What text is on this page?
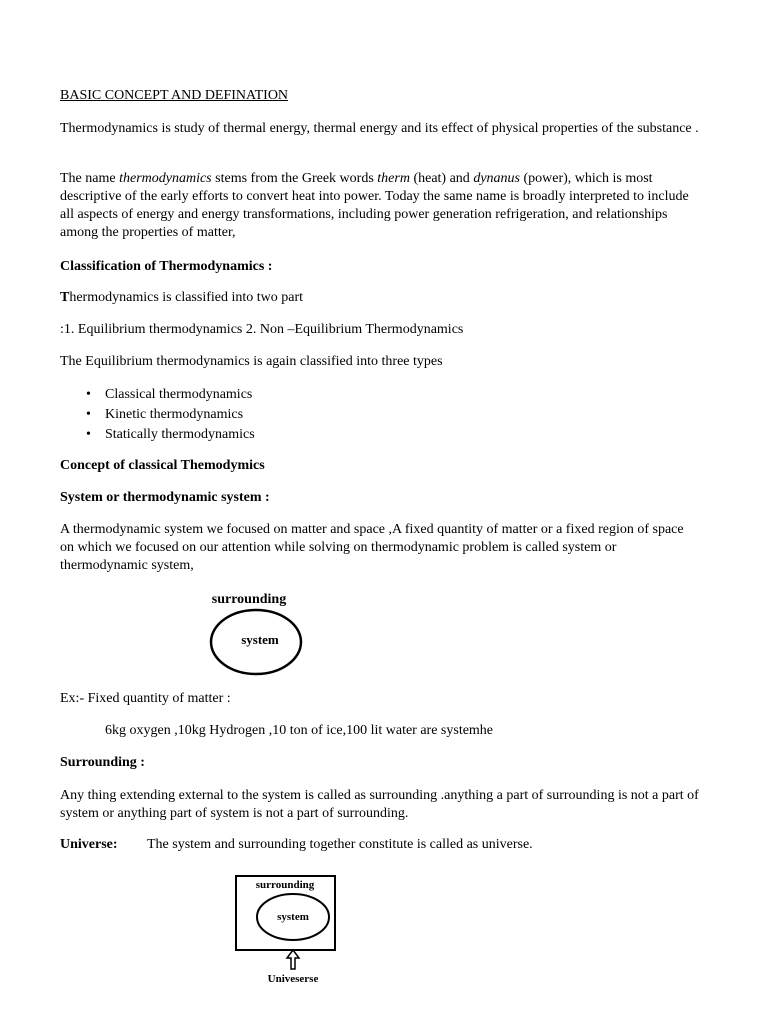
BASIC CONCEPT AND DEFINATION

Thermodynamics is study of thermal energy, thermal energy and its effect of physical properties of the substance .

The name thermodynamics stems from the Greek words therm (heat) and dynanus (power), which is most descriptive of the early efforts to convert heat into power. Today the same name is broadly interpreted to include all aspects of energy and energy transformations, including power generation refrigeration, and relationships among the properties of matter,

Classification of Thermodynamics :

Thermodynamics is classified into two part

:1. Equilibrium thermodynamics 2. Non –Equilibrium Thermodynamics

The Equilibrium thermodynamics is again classified into three types

• Classical thermodynamics
• Kinetic thermodynamics
• Statically thermodynamics

Concept of classical Themodymics

System or thermodynamic system :

A thermodynamic system we focused on matter and space ,A fixed quantity of matter or a fixed region of space on which we focused on our attention while solving on thermodynamic problem is called system or thermodynamic system,

surrounding
system

Ex:- Fixed quantity of matter :

6kg oxygen ,10kg Hydrogen ,10 ton of ice,100 lit water are systemhe

Surrounding :

Any thing extending external to the system is called as surrounding .anything a part of surrounding is not a part of system or anything part of system is not a part of surrounding.

Universe: The system and surrounding together constitute is called as universe.

surrounding
system
Univeserse
